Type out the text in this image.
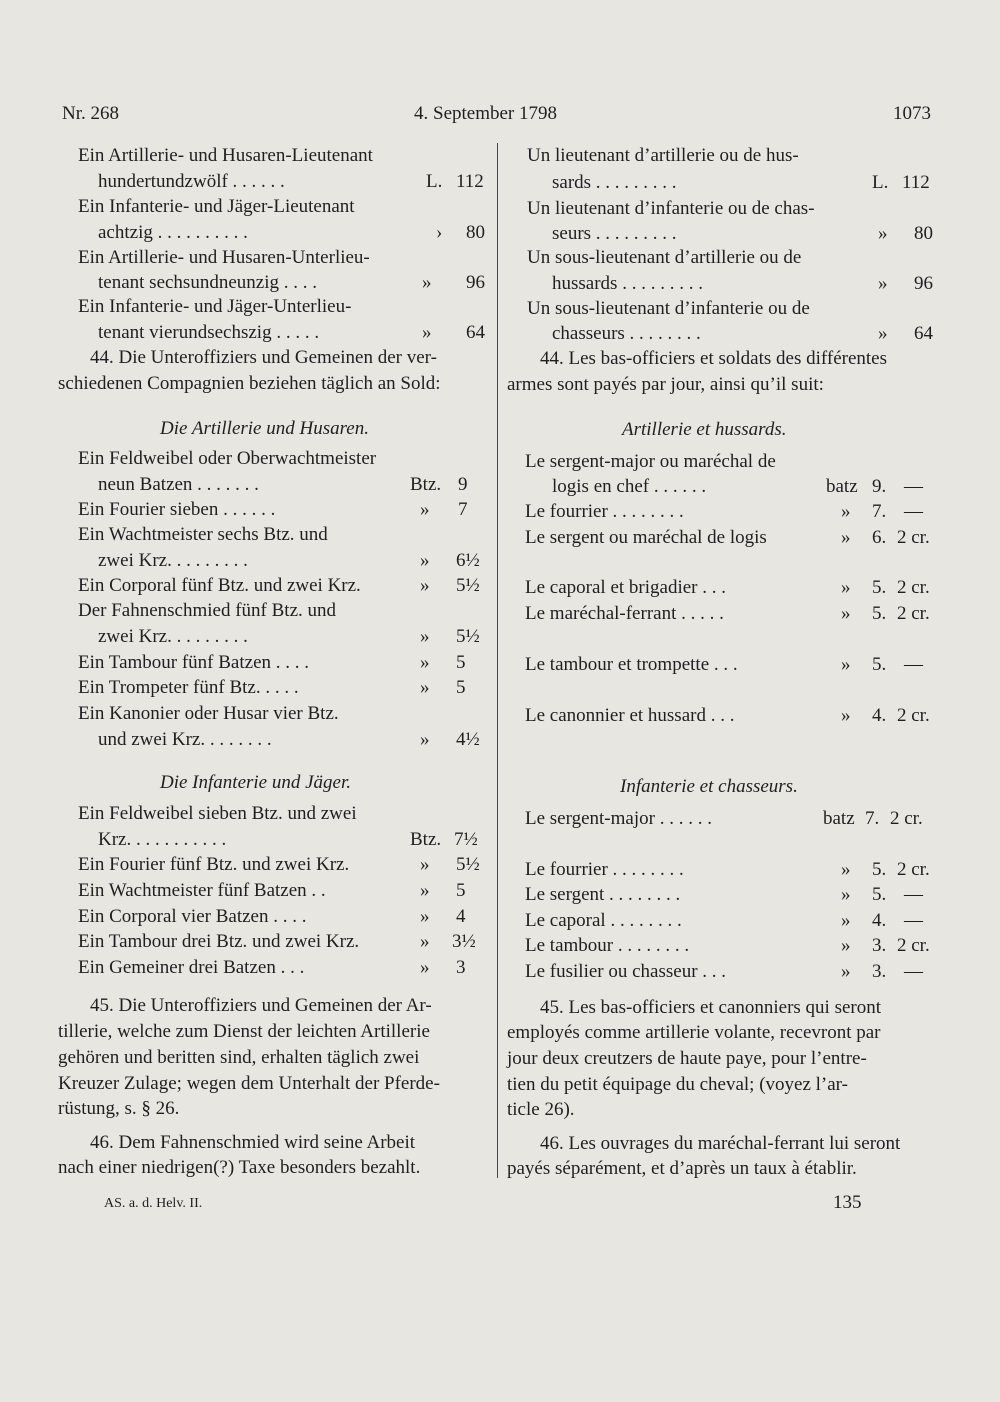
Nr. 268	4. September 1798	1073
Ein Artillerie- und Husaren-Lieutenant
hundertundzwölf . . . . . .	L. 112
Ein Infanterie- und Jäger-Lieutenant
achtzig . . . . . . . . . .	› 80
Ein Artillerie- und Husaren-Unterlieu-
tenant sechsundneunzig . . . .	» 96
Ein Infanterie- und Jäger-Unterlieu-
tenant vierundsechszig . . . . .	» 64
44. Die Unteroffiziers und Gemeinen der ver-
schiedenen Compagnien beziehen täglich an Sold:
Die Artillerie und Husaren.
Ein Feldweibel oder Oberwachtmeister
neun Batzen . . . . . . .	Btz. 9
Ein Fourier sieben . . . . . .	» 7
Ein Wachtmeister sechs Btz. und
zwei Krz. . . . . . . . .	» 6½
Ein Corporal fünf Btz. und zwei Krz.	» 5½
Der Fahnenschmied fünf Btz. und
zwei Krz. . . . . . . . .	» 5½
Ein Tambour fünf Batzen . . . .	» 5
Ein Trompeter fünf Btz. . . . .	» 5
Ein Kanonier oder Husar vier Btz.
und zwei Krz. . . . . . . .	» 4½
Die Infanterie und Jäger.
Ein Feldweibel sieben Btz. und zwei
Krz. . . . . . . . . . .	Btz. 7½
Ein Fourier fünf Btz. und zwei Krz.	» 5½
Ein Wachtmeister fünf Batzen . .	» 5
Ein Corporal vier Batzen . . . .	» 4
Ein Tambour drei Btz. und zwei Krz.	» 3½
Ein Gemeiner drei Batzen . . .	» 3
45. Die Unteroffiziers und Gemeinen der Ar-
tillerie, welche zum Dienst der leichten Artillerie
gehören und beritten sind, erhalten täglich zwei
Kreuzer Zulage; wegen dem Unterhalt der Pferde-
rüstung, s. § 26.
46. Dem Fahnenschmied wird seine Arbeit
nach einer niedrigen(?) Taxe besonders bezahlt.
Un lieutenant d’artillerie ou de hus-
sards . . . . . . . . .	L. 112
Un lieutenant d’infanterie ou de chas-
seurs . . . . . . . . .	» 80
Un sous-lieutenant d’artillerie ou de
hussards . . . . . . . . .	» 96
Un sous-lieutenant d’infanterie ou de
chasseurs . . . . . . . .	» 64
44. Les bas-officiers et soldats des différentes
armes sont payés par jour, ainsi qu’il suit:
Artillerie et hussards.
Le sergent-major ou maréchal de
logis en chef . . . . . .	batz 9. —
Le fourrier . . . . . . . .	» 7. —
Le sergent ou maréchal de logis	» 6. 2 cr.
Le caporal et brigadier . . .	» 5. 2 cr.
Le maréchal-ferrant . . . . .	» 5. 2 cr.
Le tambour et trompette . . .	» 5. —
Le canonnier et hussard . . .	» 4. 2 cr.
Infanterie et chasseurs.
Le sergent-major . . . . . .	batz 7. 2 cr.
Le fourrier . . . . . . . .	» 5. 2 cr.
Le sergent . . . . . . . .	» 5. —
Le caporal . . . . . . . .	» 4. —
Le tambour . . . . . . . .	» 3. 2 cr.
Le fusilier ou chasseur . . .	» 3. —
45. Les bas-officiers et canonniers qui seront
employés comme artillerie volante, recevront par
jour deux creutzers de haute paye, pour l’entre-
tien du petit équipage du cheval; (voyez l’ar-
ticle 26).
46. Les ouvrages du maréchal-ferrant lui seront
payés séparément, et d’après un taux à établir.
AS. a. d. Helv. II.	135
